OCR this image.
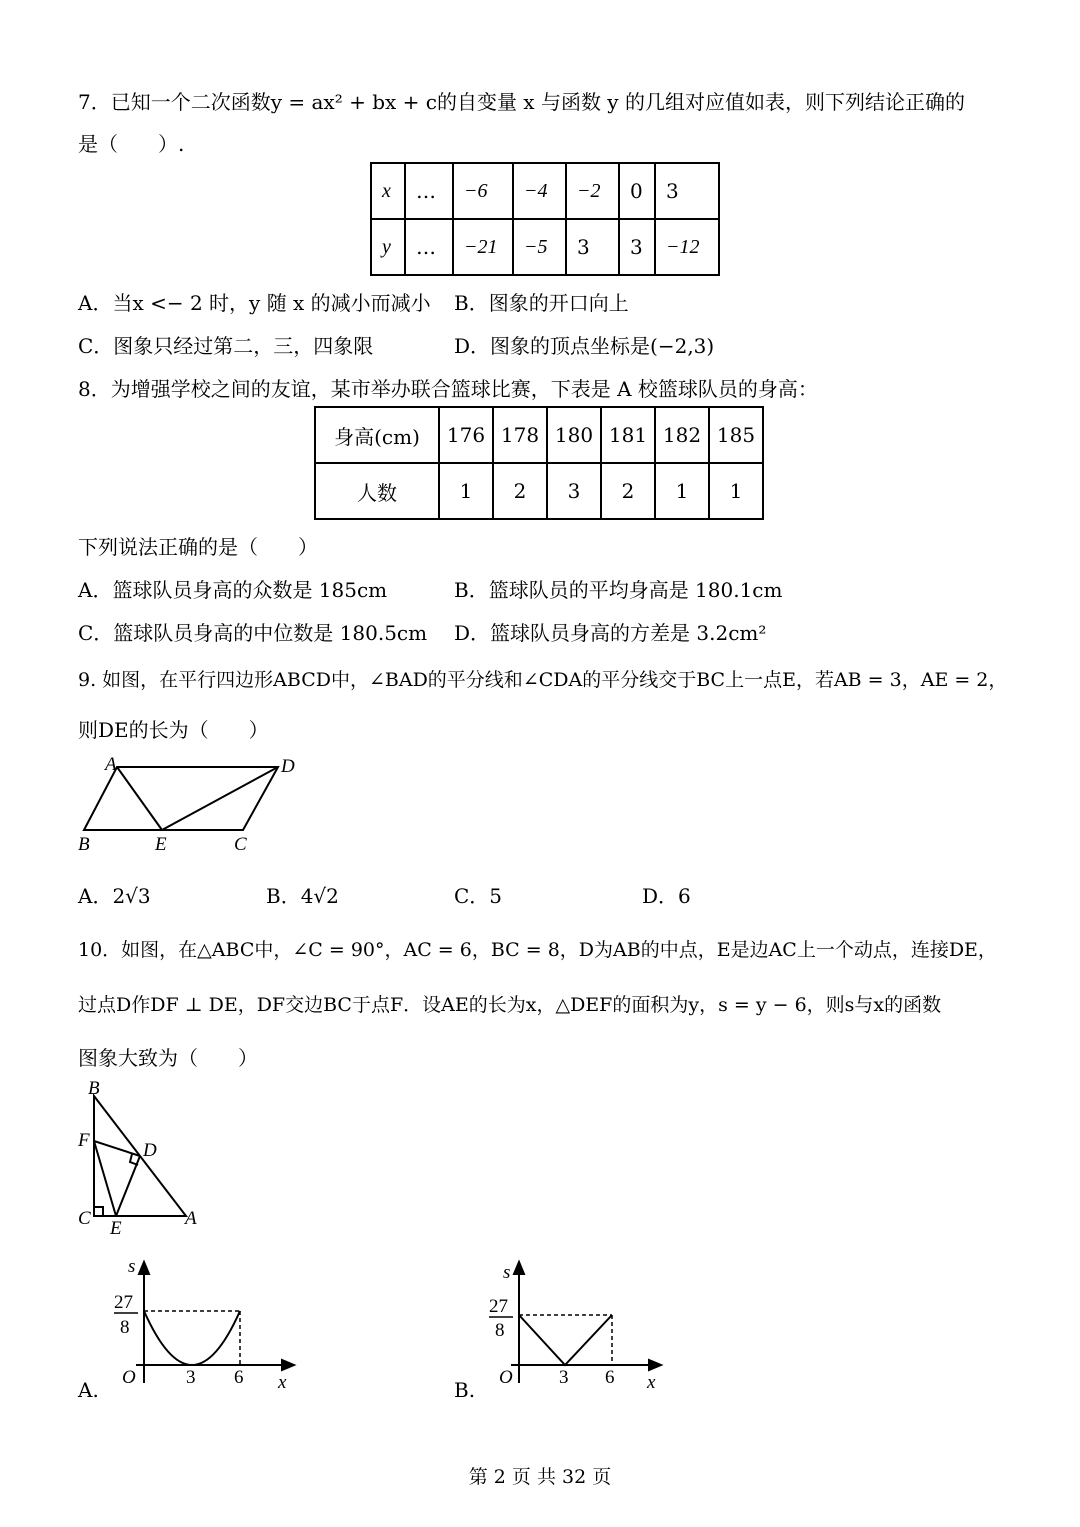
7．已知一个二次函数y = ax² + bx + c的自变量 x 与函数 y 的几组对应值如表，则下列结论正确的
是（　　）.
x	…	−6	−4	−2	0	3
y	…	−21	−5	3	3	−12
A．当x <− 2 时，y 随 x 的减小而减小 B．图象的开口向上
C．图象只经过第二，三，四象限	D．图象的顶点坐标是(−2,3)
8．为增强学校之间的友谊，某市举办联合篮球比赛，下表是 A 校篮球队员的身高：
身高(cm)	176	178	180	181	182	185
人数	1	2	3	2	1	1
下列说法正确的是（　　）
A．篮球队员身高的众数是 185cm	B．篮球队员的平均身高是 180.1cm
C．篮球队员身高的中位数是 180.5cm D．篮球队员身高的方差是 3.2cm²
9. 如图，在平行四边形ABCD中，∠BAD的平分线和∠CDA的平分线交于BC上一点E，若AB = 3，AE = 2，
则DE的长为（　　）
A	D
B	E	C
A．2√3	B．4√2	C．5	D．6
10．如图，在△ABC中，∠C = 90°，AC = 6，BC = 8，D为AB的中点，E是边AC上一个动点，连接DE，
过点D作DF ⊥ DE，DF交边BC于点F．设AE的长为x，△DEF的面积为y，s = y − 6，则s与x的函数
图象大致为（　　）
B
F	D
C E	A
A.
s
27
8
O	3 6 x	B.
s
27
8
O 3 6 x
第 2 页 共 32 页
